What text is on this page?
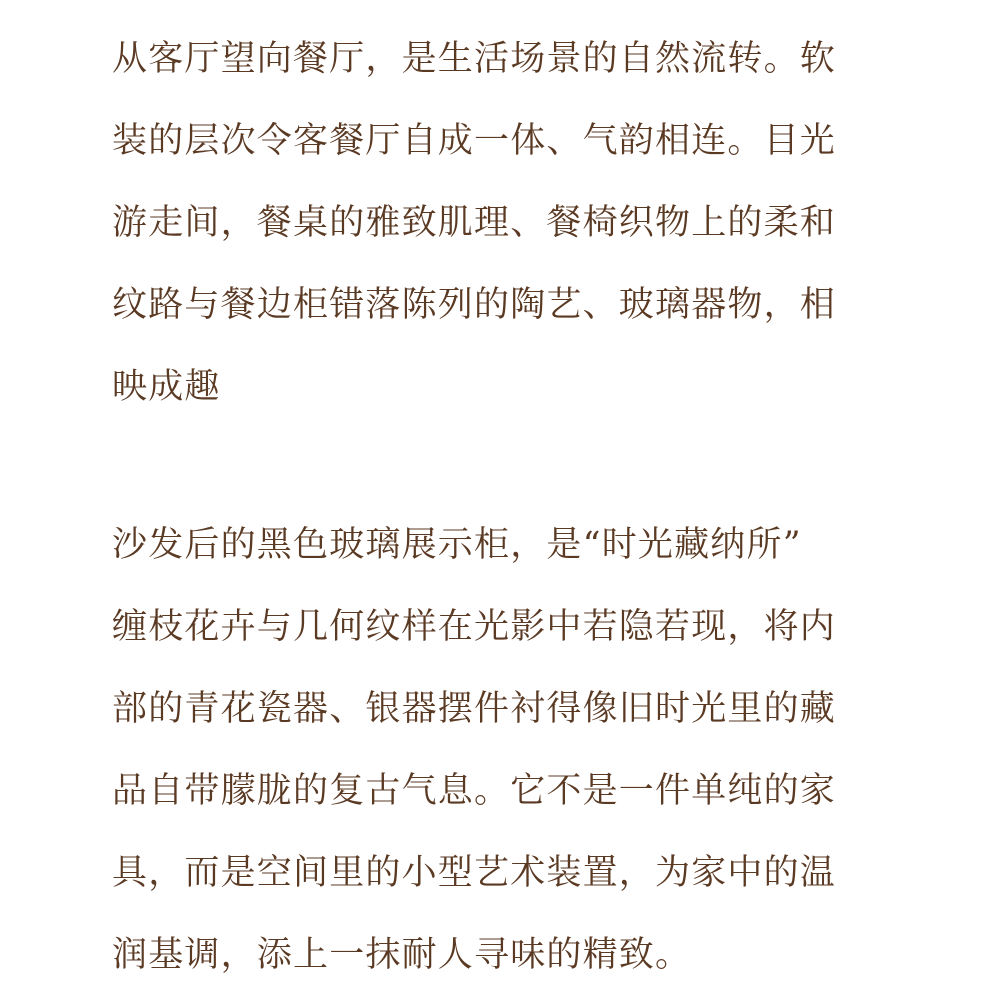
从客厅望向餐厅，是生活场景的自然流转。软
装的层次令客餐厅自成一体、气韵相连。目光
游走间，餐桌的雅致肌理、餐椅织物上的柔和
纹路与餐边柜错落陈列的陶艺、玻璃器物，相
映成趣
沙发后的黑色玻璃展示柜，是“时光藏纳所”
缠枝花卉与几何纹样在光影中若隐若现，将内
部的青花瓷器、银器摆件衬得像旧时光里的藏
品自带朦胧的复古气息。它不是一件单纯的家
具，而是空间里的小型艺术装置，为家中的温
润基调，添上一抹耐人寻味的精致。
